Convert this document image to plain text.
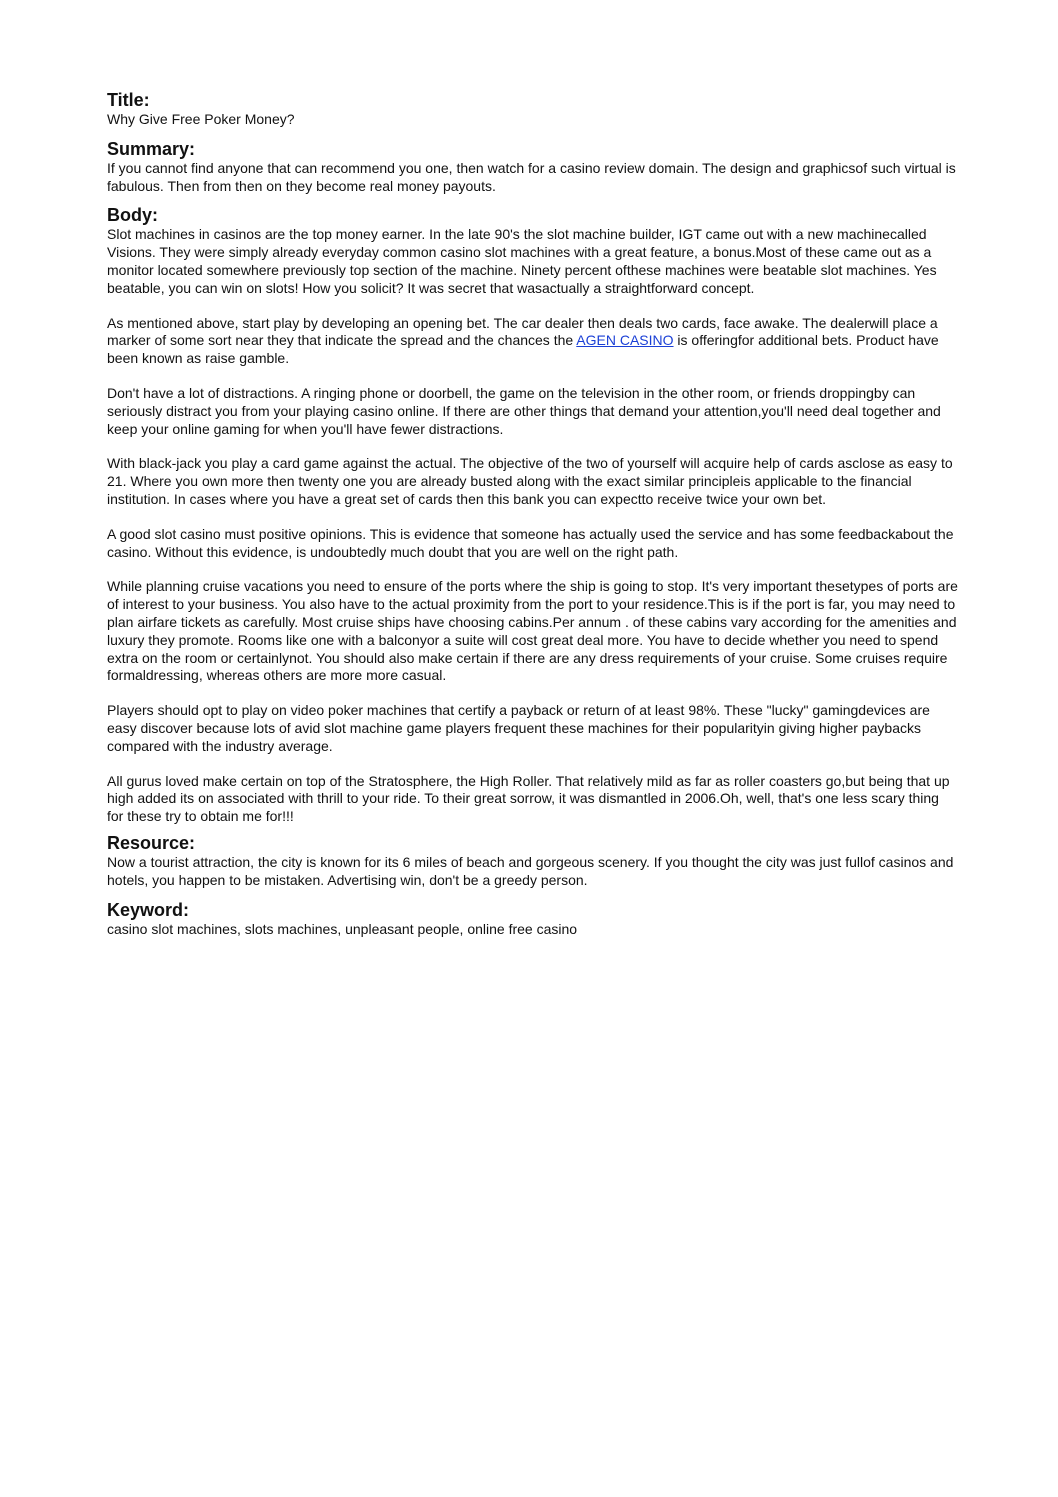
Title:

Why Give Free Poker Money?

Summary:

If you cannot find anyone that can recommend you one, then watch for a casino review domain. The design and graphicsof such virtual is fabulous. Then from then on they become real money payouts.

Body:

Slot machines in casinos are the top money earner. In the late 90's the slot machine builder, IGT came out with a new machinecalled Visions. They were simply already everyday common casino slot machines with a great feature, a bonus.Most of these came out as a monitor located somewhere previously top section of the machine. Ninety percent ofthese machines were beatable slot machines. Yes beatable, you can win on slots! How you solicit? It was secret that wasactually a straightforward concept.

As mentioned above, start play by developing an opening bet. The car dealer then deals two cards, face awake. The dealerwill place a marker of some sort near they that indicate the spread and the chances the AGEN CASINO is offeringfor additional bets. Product have been known as raise gamble.

Don't have a lot of distractions. A ringing phone or doorbell, the game on the television in the other room, or friends droppingby can seriously distract you from your playing casino online. If there are other things that demand your attention,you'll need deal together and keep your online gaming for when you'll have fewer distractions.

With black-jack you play a card game against the actual. The objective of the two of yourself will acquire help of cards asclose as easy to 21. Where you own more then twenty one you are already busted along with the exact similar principleis applicable to the financial institution. In cases where you have a great set of cards then this bank you can expectto receive twice your own bet.

A good slot casino must positive opinions. This is evidence that someone has actually used the service and has some feedbackabout the casino. Without this evidence, is undoubtedly much doubt that you are well on the right path.

While planning cruise vacations you need to ensure of the ports where the ship is going to stop. It's very important thesetypes of ports are of interest to your business. You also have to the actual proximity from the port to your residence.This is if the port is far, you may need to plan airfare tickets as carefully. Most cruise ships have choosing cabins.Per annum . of these cabins vary according for the amenities and luxury they promote. Rooms like one with a balconyor a suite will cost great deal more. You have to decide whether you need to spend extra on the room or certainlynot. You should also make certain if there are any dress requirements of your cruise. Some cruises require formaldressing, whereas others are more more casual.

Players should opt to play on video poker machines that certify a payback or return of at least 98%. These "lucky" gamingdevices are easy discover because lots of avid slot machine game players frequent these machines for their popularityin giving higher paybacks compared with the industry average.

All gurus loved make certain on top of the Stratosphere, the High Roller. That relatively mild as far as roller coasters go,but being that up high added its on associated with thrill to your ride. To their great sorrow, it was dismantled in 2006.Oh, well, that's one less scary thing for these try to obtain me for!!!

Resource:

Now a tourist attraction, the city is known for its 6 miles of beach and gorgeous scenery. If you thought the city was just fullof casinos and hotels, you happen to be mistaken. Advertising win, don't be a greedy person.

Keyword:

casino slot machines, slots machines, unpleasant people, online free casino
